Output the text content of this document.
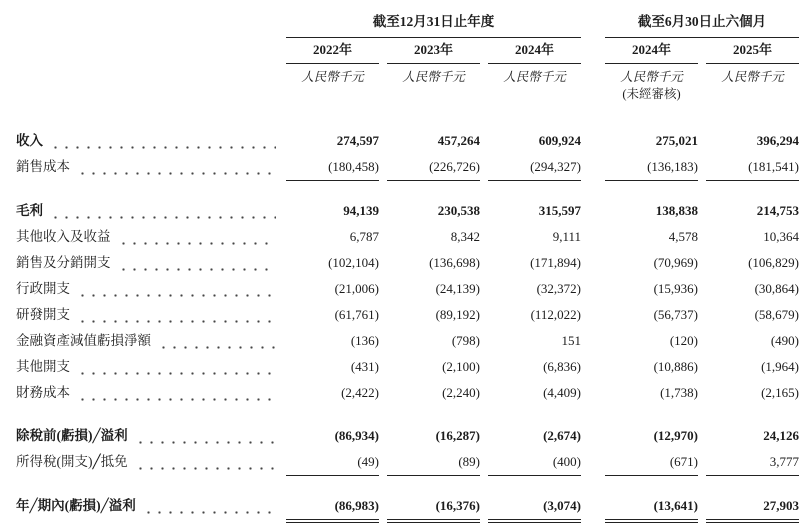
截至12月31日止年度	截至6月30日止六個月
2022年	2023年	2024年	2024年	2025年
人民幣千元	人民幣千元	人民幣千元	人民幣千元	人民幣千元
(未經審核)
收入	274,597	457,264	609,924	275,021	396,294
銷售成本	(180,458)	(226,726)	(294,327)	(136,183)	(181,541)
毛利	94,139	230,538	315,597	138,838	214,753
其他收入及收益	6,787	8,342	9,111	4,578	10,364
銷售及分銷開支	(102,104)	(136,698)	(171,894)	(70,969)	(106,829)
行政開支	(21,006)	(24,139)	(32,372)	(15,936)	(30,864)
研發開支	(61,761)	(89,192)	(112,022)	(56,737)	(58,679)
金融資產減值虧損淨額	(136)	(798)	151	(120)	(490)
其他開支	(431)	(2,100)	(6,836)	(10,886)	(1,964)
財務成本	(2,422)	(2,240)	(4,409)	(1,738)	(2,165)
除稅前(虧損)╱溢利	(86,934)	(16,287)	(2,674)	(12,970)	24,126
所得稅(開支)╱抵免	(49)	(89)	(400)	(671)	3,777
年╱期內(虧損)╱溢利	(86,983)	(16,376)	(3,074)	(13,641)	27,903
